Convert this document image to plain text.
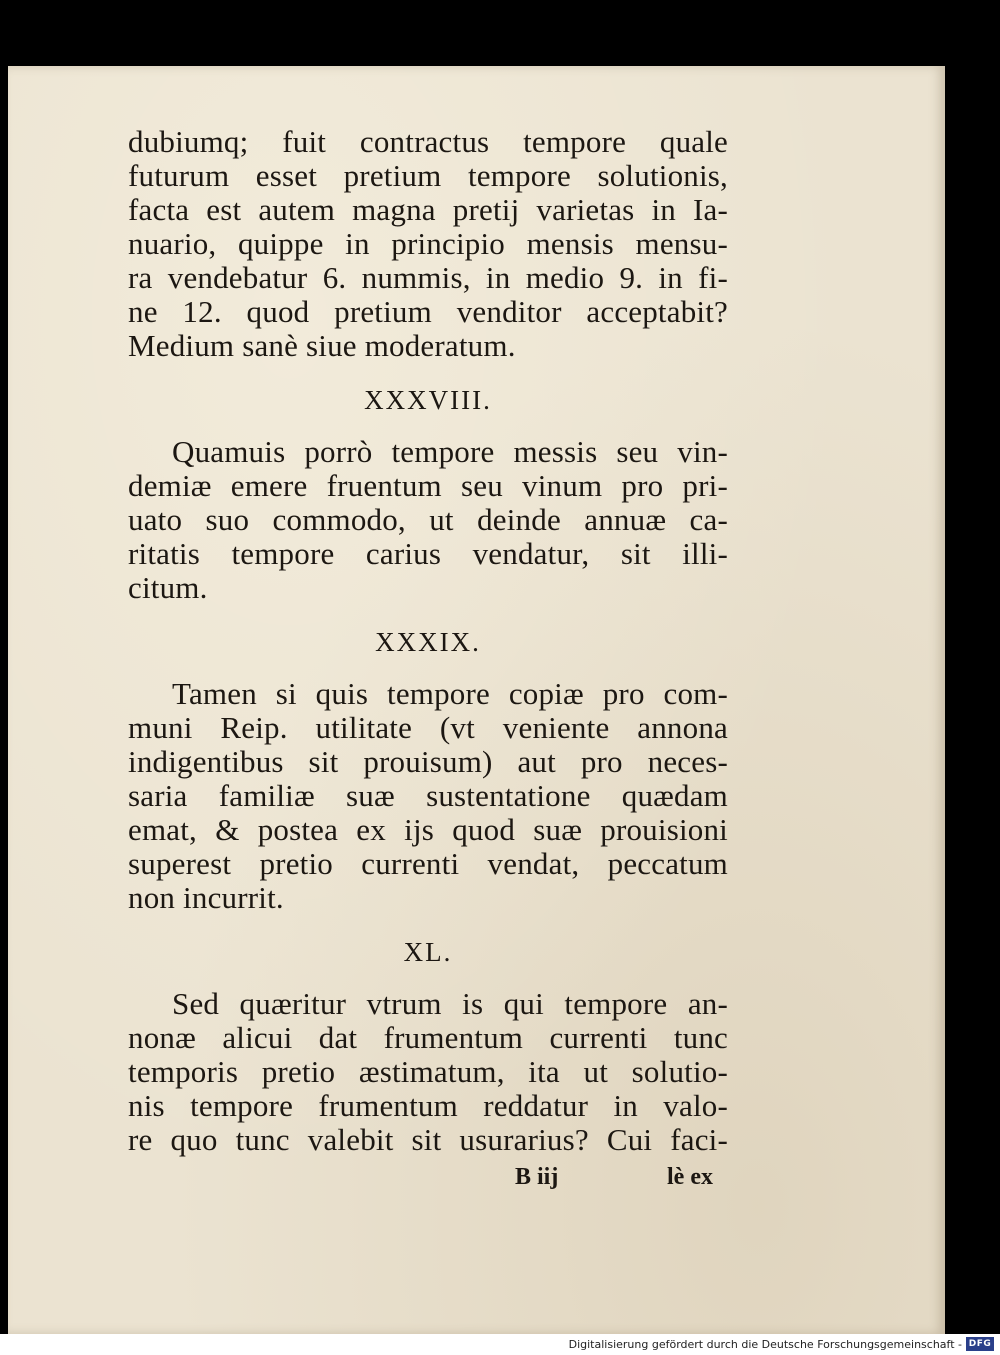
dubiumq; fuit contractus tempore quale
futurum esset pretium tempore solutionis,
facta est autem magna pretij varietas in Ia-
nuario, quippe in principio mensis mensu-
ra vendebatur 6. nummis, in medio 9. in fi-
ne 12. quod pretium venditor acceptabit?
Medium sanè siue moderatum.
XXXVIII.
Quamuis porrò tempore messis seu vin-
demiæ emere fruentum seu vinum pro pri-
uato suo commodo, ut deinde annuæ ca-
ritatis tempore carius vendatur, sit illi-
citum.
XXXIX.
Tamen si quis tempore copiæ pro com-
muni Reip. utilitate (vt veniente annona
indigentibus sit prouisum) aut pro neces-
saria familiæ suæ sustentatione quædam
emat, & postea ex ijs quod suæ prouisioni
superest pretio currenti vendat, peccatum
non incurrit.
XL.
Sed quæritur vtrum is qui tempore an-
nonæ alicui dat frumentum currenti tunc
temporis pretio æstimatum, ita ut solutio-
nis tempore frumentum reddatur in valo-
re quo tunc valebit sit usurarius? Cui faci-
B iij	lè ex
Digitalisierung gefördert durch die Deutsche Forschungsgemeinschaft - DFG
